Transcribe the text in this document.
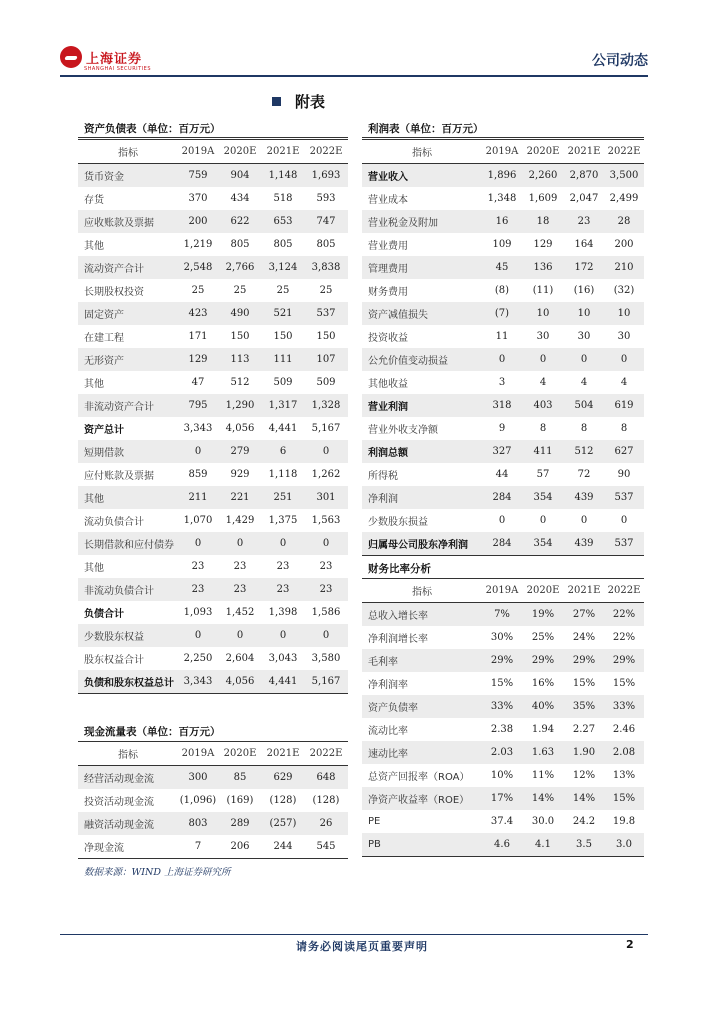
上海证券
SHANGHAI SECURITIES	公司动态
附表
资产负债表（单位：百万元）
指标	2019A	2020E	2021E	2022E
货币资金	759	904	1,148	1,693
存货	370	434	518	593
应收账款及票据	200	622	653	747
其他	1,219	805	805	805
流动资产合计	2,548	2,766	3,124	3,838
长期股权投资	25	25	25	25
固定资产	423	490	521	537
在建工程	171	150	150	150
无形资产	129	113	111	107
其他	47	512	509	509
非流动资产合计	795	1,290	1,317	1,328
资产总计	3,343	4,056	4,441	5,167
短期借款	0	279	6	0
应付账款及票据	859	929	1,118	1,262
其他	211	221	251	301
流动负债合计	1,070	1,429	1,375	1,563
长期借款和应付债券	0	0	0	0
其他	23	23	23	23
非流动负债合计	23	23	23	23
负债合计	1,093	1,452	1,398	1,586
少数股东权益	0	0	0	0
股东权益合计	2,250	2,604	3,043	3,580
负债和股东权益总计	3,343	4,056	4,441	5,167
现金流量表（单位：百万元）
指标	2019A	2020E	2021E	2022E
经营活动现金流	300	85	629	648
投资活动现金流	(1,096)	(169)	(128)	(128)
融资活动现金流	803	289	(257)	26
净现金流	7	206	244	545
利润表（单位：百万元）
指标	2019A	2020E	2021E	2022E
营业收入	1,896	2,260	2,870	3,500
营业成本	1,348	1,609	2,047	2,499
营业税金及附加	16	18	23	28
营业费用	109	129	164	200
管理费用	45	136	172	210
财务费用	(8)	(11)	(16)	(32)
资产减值损失	(7)	10	10	10
投资收益	11	30	30	30
公允价值变动损益	0	0	0	0
其他收益	3	4	4	4
营业利润	318	403	504	619
营业外收支净额	9	8	8	8
利润总额	327	411	512	627
所得税	44	57	72	90
净利润	284	354	439	537
少数股东损益	0	0	0	0
归属母公司股东净利润	284	354	439	537
财务比率分析
指标	2019A	2020E	2021E	2022E
总收入增长率	7%	19%	27%	22%
净利润增长率	30%	25%	24%	22%
毛利率	29%	29%	29%	29%
净利润率	15%	16%	15%	15%
资产负债率	33%	40%	35%	33%
流动比率	2.38	1.94	2.27	2.46
速动比率	2.03	1.63	1.90	2.08
总资产回报率（ROA）	10%	11%	12%	13%
净资产收益率（ROE）	17%	14%	14%	15%
PE	37.4	30.0	24.2	19.8
PB	4.6	4.1	3.5	3.0
数据来源：WIND 上海证券研究所
请务必阅读尾页重要声明	2
